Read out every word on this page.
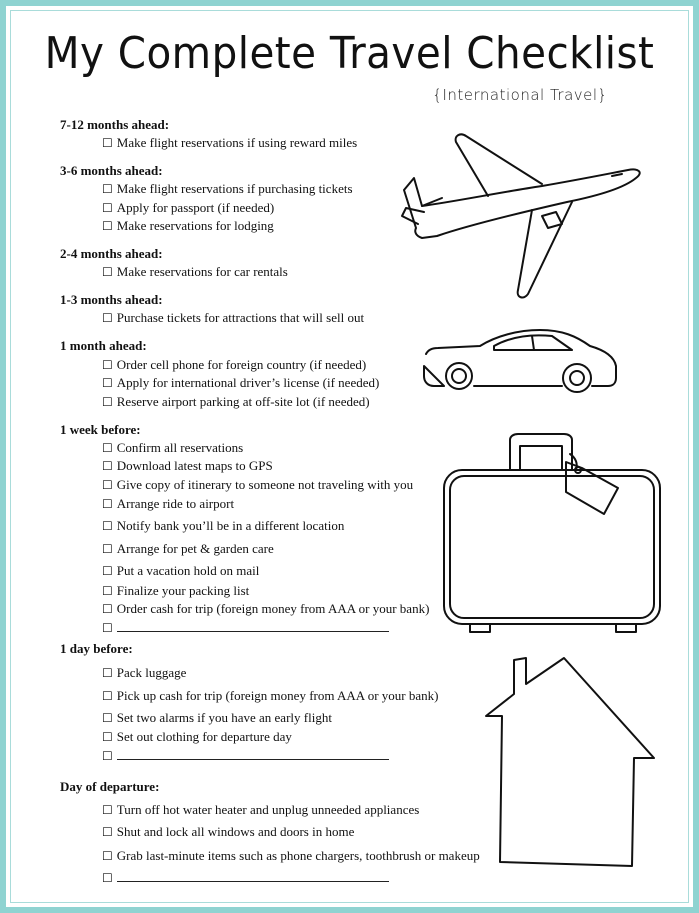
My Complete Travel Checklist
{International Travel}
7-12 months ahead:
☐ Make flight reservations if using reward miles
3-6 months ahead:
☐ Make flight reservations if purchasing tickets
☐ Apply for passport (if needed)
☐ Make reservations for lodging
2-4 months ahead:
☐ Make reservations for car rentals
1-3 months ahead:
☐ Purchase tickets for attractions that will sell out
1 month ahead:
☐ Order cell phone for foreign country (if needed)
☐ Apply for international driver’s license (if needed)
☐ Reserve airport parking at off-site lot (if needed)
1 week before:
☐ Confirm all reservations
☐ Download latest maps to GPS
☐ Give copy of itinerary to someone not traveling with you
☐ Arrange ride to airport
☐ Notify bank you’ll be in a different location
☐ Arrange for pet & garden care
☐ Put a vacation hold on mail
☐ Finalize your packing list
☐ Order cash for trip (foreign money from AAA or your bank)
☐
1 day before:
☐ Pack luggage
☐ Pick up cash for trip (foreign money from AAA or your bank)
☐ Set two alarms if you have an early flight
☐ Set out clothing for departure day
☐
Day of departure:
☐ Turn off hot water heater and unplug unneeded appliances
☐ Shut and lock all windows and doors in home
☐ Grab last-minute items such as phone chargers, toothbrush or makeup
☐
